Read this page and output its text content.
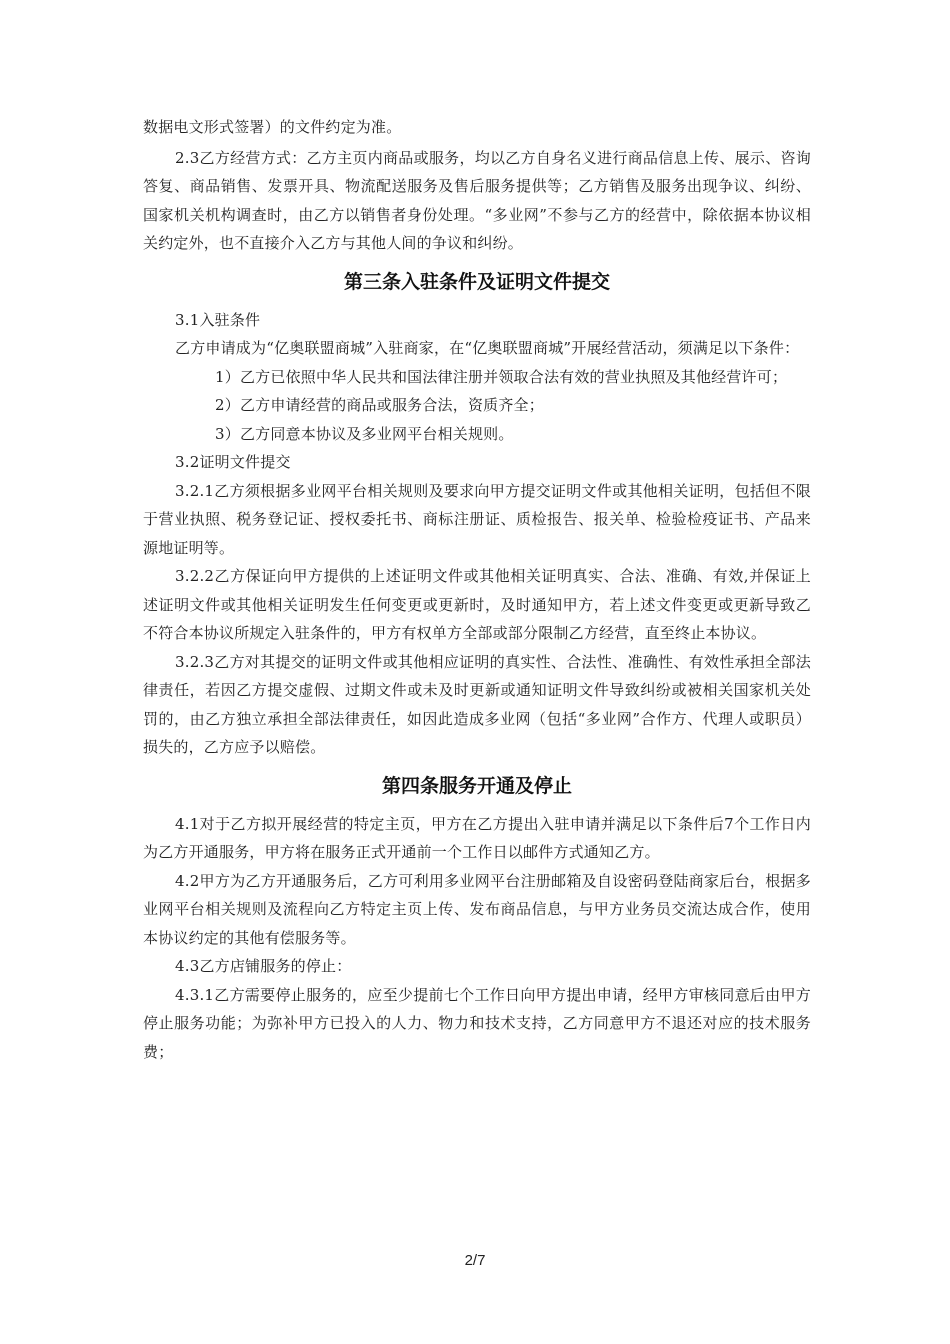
数据电文形式签署）的文件约定为准。

2.3乙方经营方式：乙方主页内商品或服务，均以乙方自身名义进行商品信息上传、展示、咨询答复、商品销售、发票开具、物流配送服务及售后服务提供等；乙方销售及服务出现争议、纠纷、国家机关机构调查时，由乙方以销售者身份处理。“多业网”不参与乙方的经营中，除依据本协议相关约定外，也不直接介入乙方与其他人间的争议和纠纷。

第三条入驻条件及证明文件提交

3.1入驻条件

乙方申请成为“亿奥联盟商城”入驻商家，在“亿奥联盟商城”开展经营活动，须满足以下条件：

1）乙方已依照中华人民共和国法律注册并领取合法有效的营业执照及其他经营许可；

2）乙方申请经营的商品或服务合法，资质齐全；

3）乙方同意本协议及多业网平台相关规则。

3.2证明文件提交

3.2.1乙方须根据多业网平台相关规则及要求向甲方提交证明文件或其他相关证明，包括但不限于营业执照、税务登记证、授权委托书、商标注册证、质检报告、报关单、检验检疫证书、产品来源地证明等。

3.2.2乙方保证向甲方提供的上述证明文件或其他相关证明真实、合法、准确、有效,并保证上述证明文件或其他相关证明发生任何变更或更新时，及时通知甲方，若上述文件变更或更新导致乙不符合本协议所规定入驻条件的，甲方有权单方全部或部分限制乙方经营，直至终止本协议。

3.2.3乙方对其提交的证明文件或其他相应证明的真实性、合法性、准确性、有效性承担全部法律责任，若因乙方提交虚假、过期文件或未及时更新或通知证明文件导致纠纷或被相关国家机关处罚的，由乙方独立承担全部法律责任，如因此造成多业网（包括“多业网”合作方、代理人或职员）损失的，乙方应予以赔偿。

第四条服务开通及停止

4.1对于乙方拟开展经营的特定主页，甲方在乙方提出入驻申请并满足以下条件后7个工作日内为乙方开通服务，甲方将在服务正式开通前一个工作日以邮件方式通知乙方。

4.2甲方为乙方开通服务后，乙方可利用多业网平台注册邮箱及自设密码登陆商家后台，根据多业网平台相关规则及流程向乙方特定主页上传、发布商品信息，与甲方业务员交流达成合作，使用本协议约定的其他有偿服务等。

4.3乙方店铺服务的停止：

4.3.1乙方需要停止服务的，应至少提前七个工作日向甲方提出申请，经甲方审核同意后由甲方停止服务功能；为弥补甲方已投入的人力、物力和技术支持，乙方同意甲方不退还对应的技术服务费；

2/7
